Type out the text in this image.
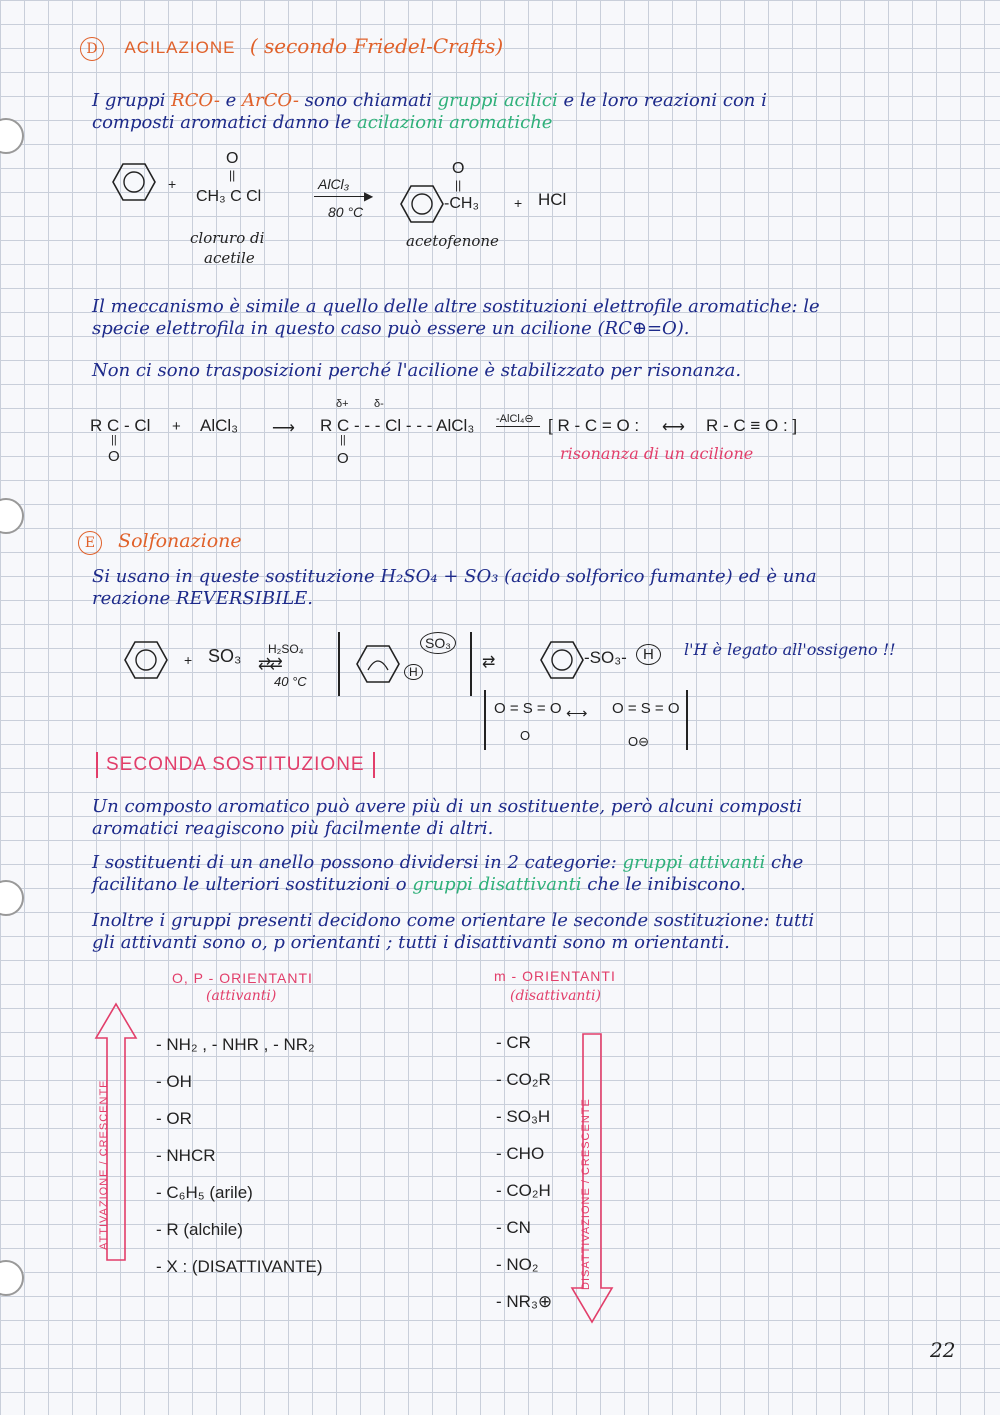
D ACILAZIONE ( secondo Friedel-Crafts)
I gruppi RCO- e ArCO- sono chiamati gruppi acilici e le loro reazioni con i
composti aromatici danno le acilazioni aromatiche
+
O
||
CH₃ C Cl
AlCl₃
▶
80 °C
O
||
-CH₃	+ HCl
cloruro di
acetile
acetofenone
Il meccanismo è simile a quello delle altre sostituzioni elettrofile aromatiche: le
specie elettrofila in questo caso può essere un acilione (RC⊕=O).
Non ci sono trasposizioni perché l'acilione è stabilizzato per risonanza.
R C - Cl
||
O
+ AlCl₃ ⟶
δ+ δ-
R C - - - Cl - - - AlCl₃
||
O
-AlCl₄⊖ [ R - C = O : ⟷ R - C ≡ O : ]
risonanza di un acilione
E Solfonazione
Si usano in queste sostituzione H₂SO₄ + SO₃ (acido solforico fumante) ed è una
reazione REVERSIBILE.
+ SO₃ H₂SO₄
⇄⇄
40 °C
SO₃
H
⇄	-SO₃-	H	l'H è legato all'ossigeno !!
O = S = O
O
⟷ O = S = O
O⊖
SECONDA SOSTITUZIONE
Un composto aromatico può avere più di un sostituente, però alcuni composti
aromatici reagiscono più facilmente di altri.
I sostituenti di un anello possono dividersi in 2 categorie: gruppi attivanti che
facilitano le ulteriori sostituzioni o gruppi disattivanti che le inibiscono.
Inoltre i gruppi presenti decidono come orientare le seconde sostituzione: tutti
gli attivanti sono o, p orientanti ; tutti i disattivanti sono m orientanti.
O, P - ORIENTANTI
(attivanti)
ATTIVAZIONE / CRESCENTE
- NH₂ , - NHR , - NR₂
- OH
- OR
- NHCR
- C₆H₅ (arile)
- R (alchile)
- X : (DISATTIVANTE)
m - ORIENTANTI
(disattivanti)
- CR
- CO₂R
- SO₃H
- CHO
- CO₂H
- CN
- NO₂
- NR₃⊕
DISATTIVAZIONE / CRESCENTE
22
